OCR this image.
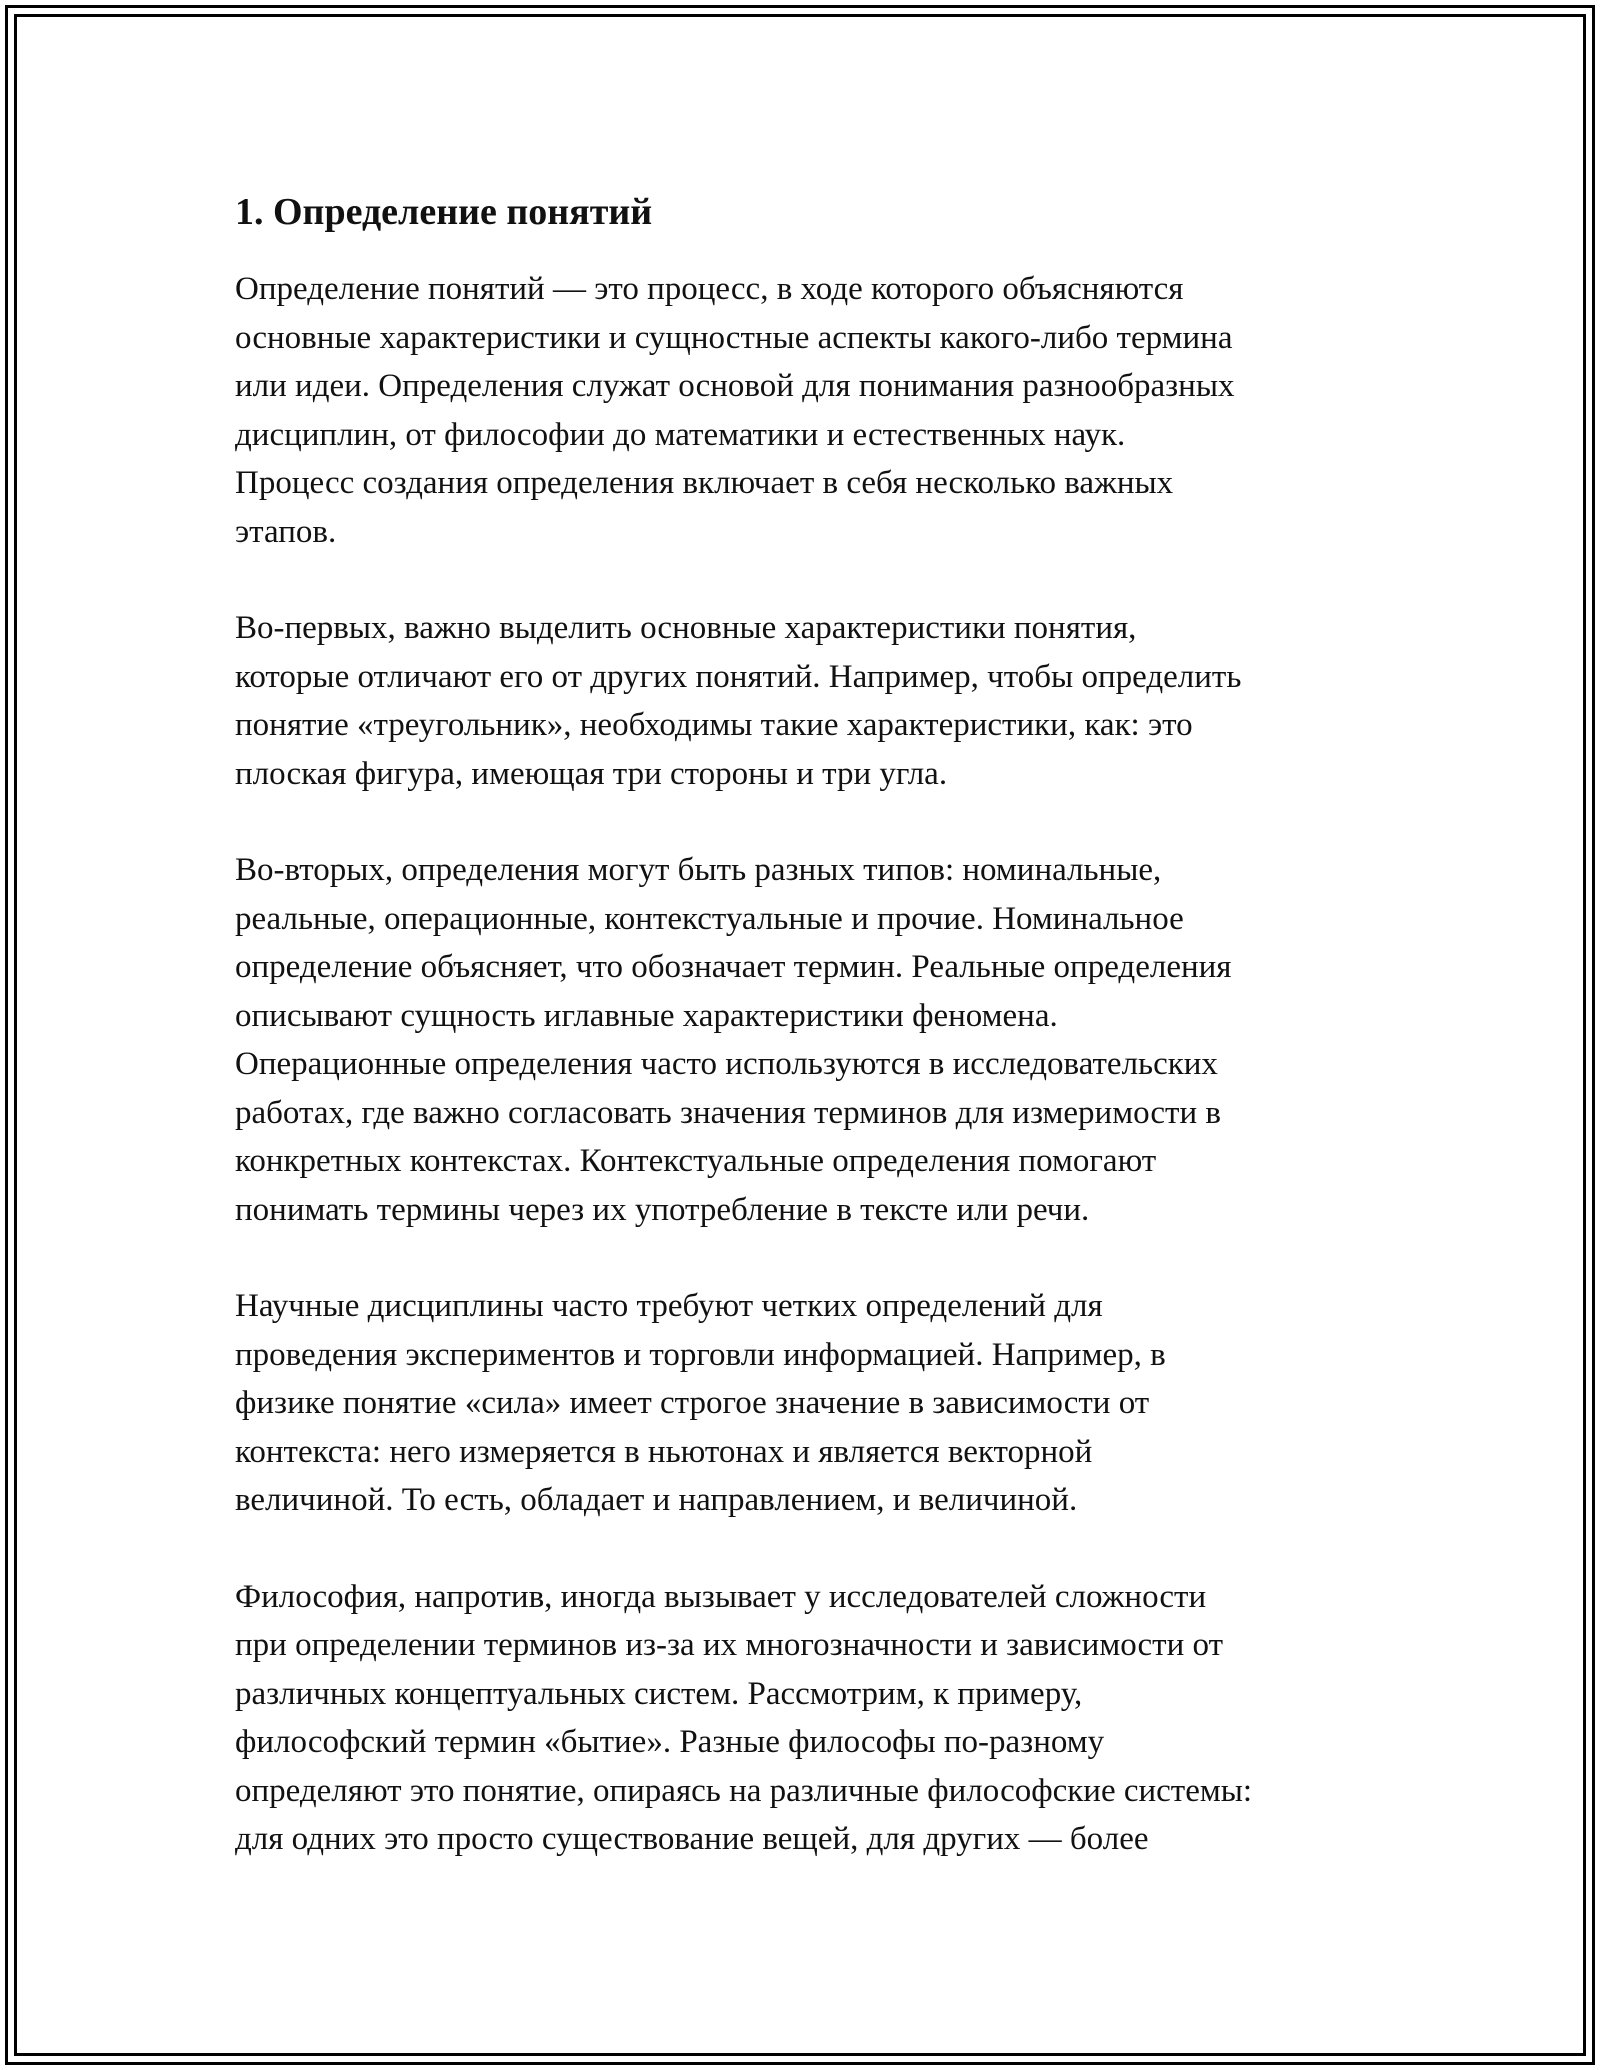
1. Определение понятий

Определение понятий — это процесс, в ходе которого объясняются
основные характеристики и сущностные аспекты какого-либо термина
или идеи. Определения служат основой для понимания разнообразных
дисциплин, от философии до математики и естественных наук.
Процесс создания определения включает в себя несколько важных
этапов.

Во-первых, важно выделить основные характеристики понятия,
которые отличают его от других понятий. Например, чтобы определить
понятие «треугольник», необходимы такие характеристики, как: это
плоская фигура, имеющая три стороны и три угла.

Во-вторых, определения могут быть разных типов: номинальные,
реальные, операционные, контекстуальные и прочие. Номинальное
определение объясняет, что обозначает термин. Реальные определения
описывают сущность иглавные характеристики феномена.
Операционные определения часто используются в исследовательских
работах, где важно согласовать значения терминов для измеримости в
конкретных контекстах. Контекстуальные определения помогают
понимать термины через их употребление в тексте или речи.

Научные дисциплины часто требуют четких определений для
проведения экспериментов и торговли информацией. Например, в
физике понятие «сила» имеет строгое значение в зависимости от
контекста: него измеряется в ньютонах и является векторной
величиной. То есть, обладает и направлением, и величиной.

Философия, напротив, иногда вызывает у исследователей сложности
при определении терминов из-за их многозначности и зависимости от
различных концептуальных систем. Рассмотрим, к примеру,
философский термин «бытие». Разные философы по-разному
определяют это понятие, опираясь на различные философские системы:
для одних это просто существование вещей, для других — более
